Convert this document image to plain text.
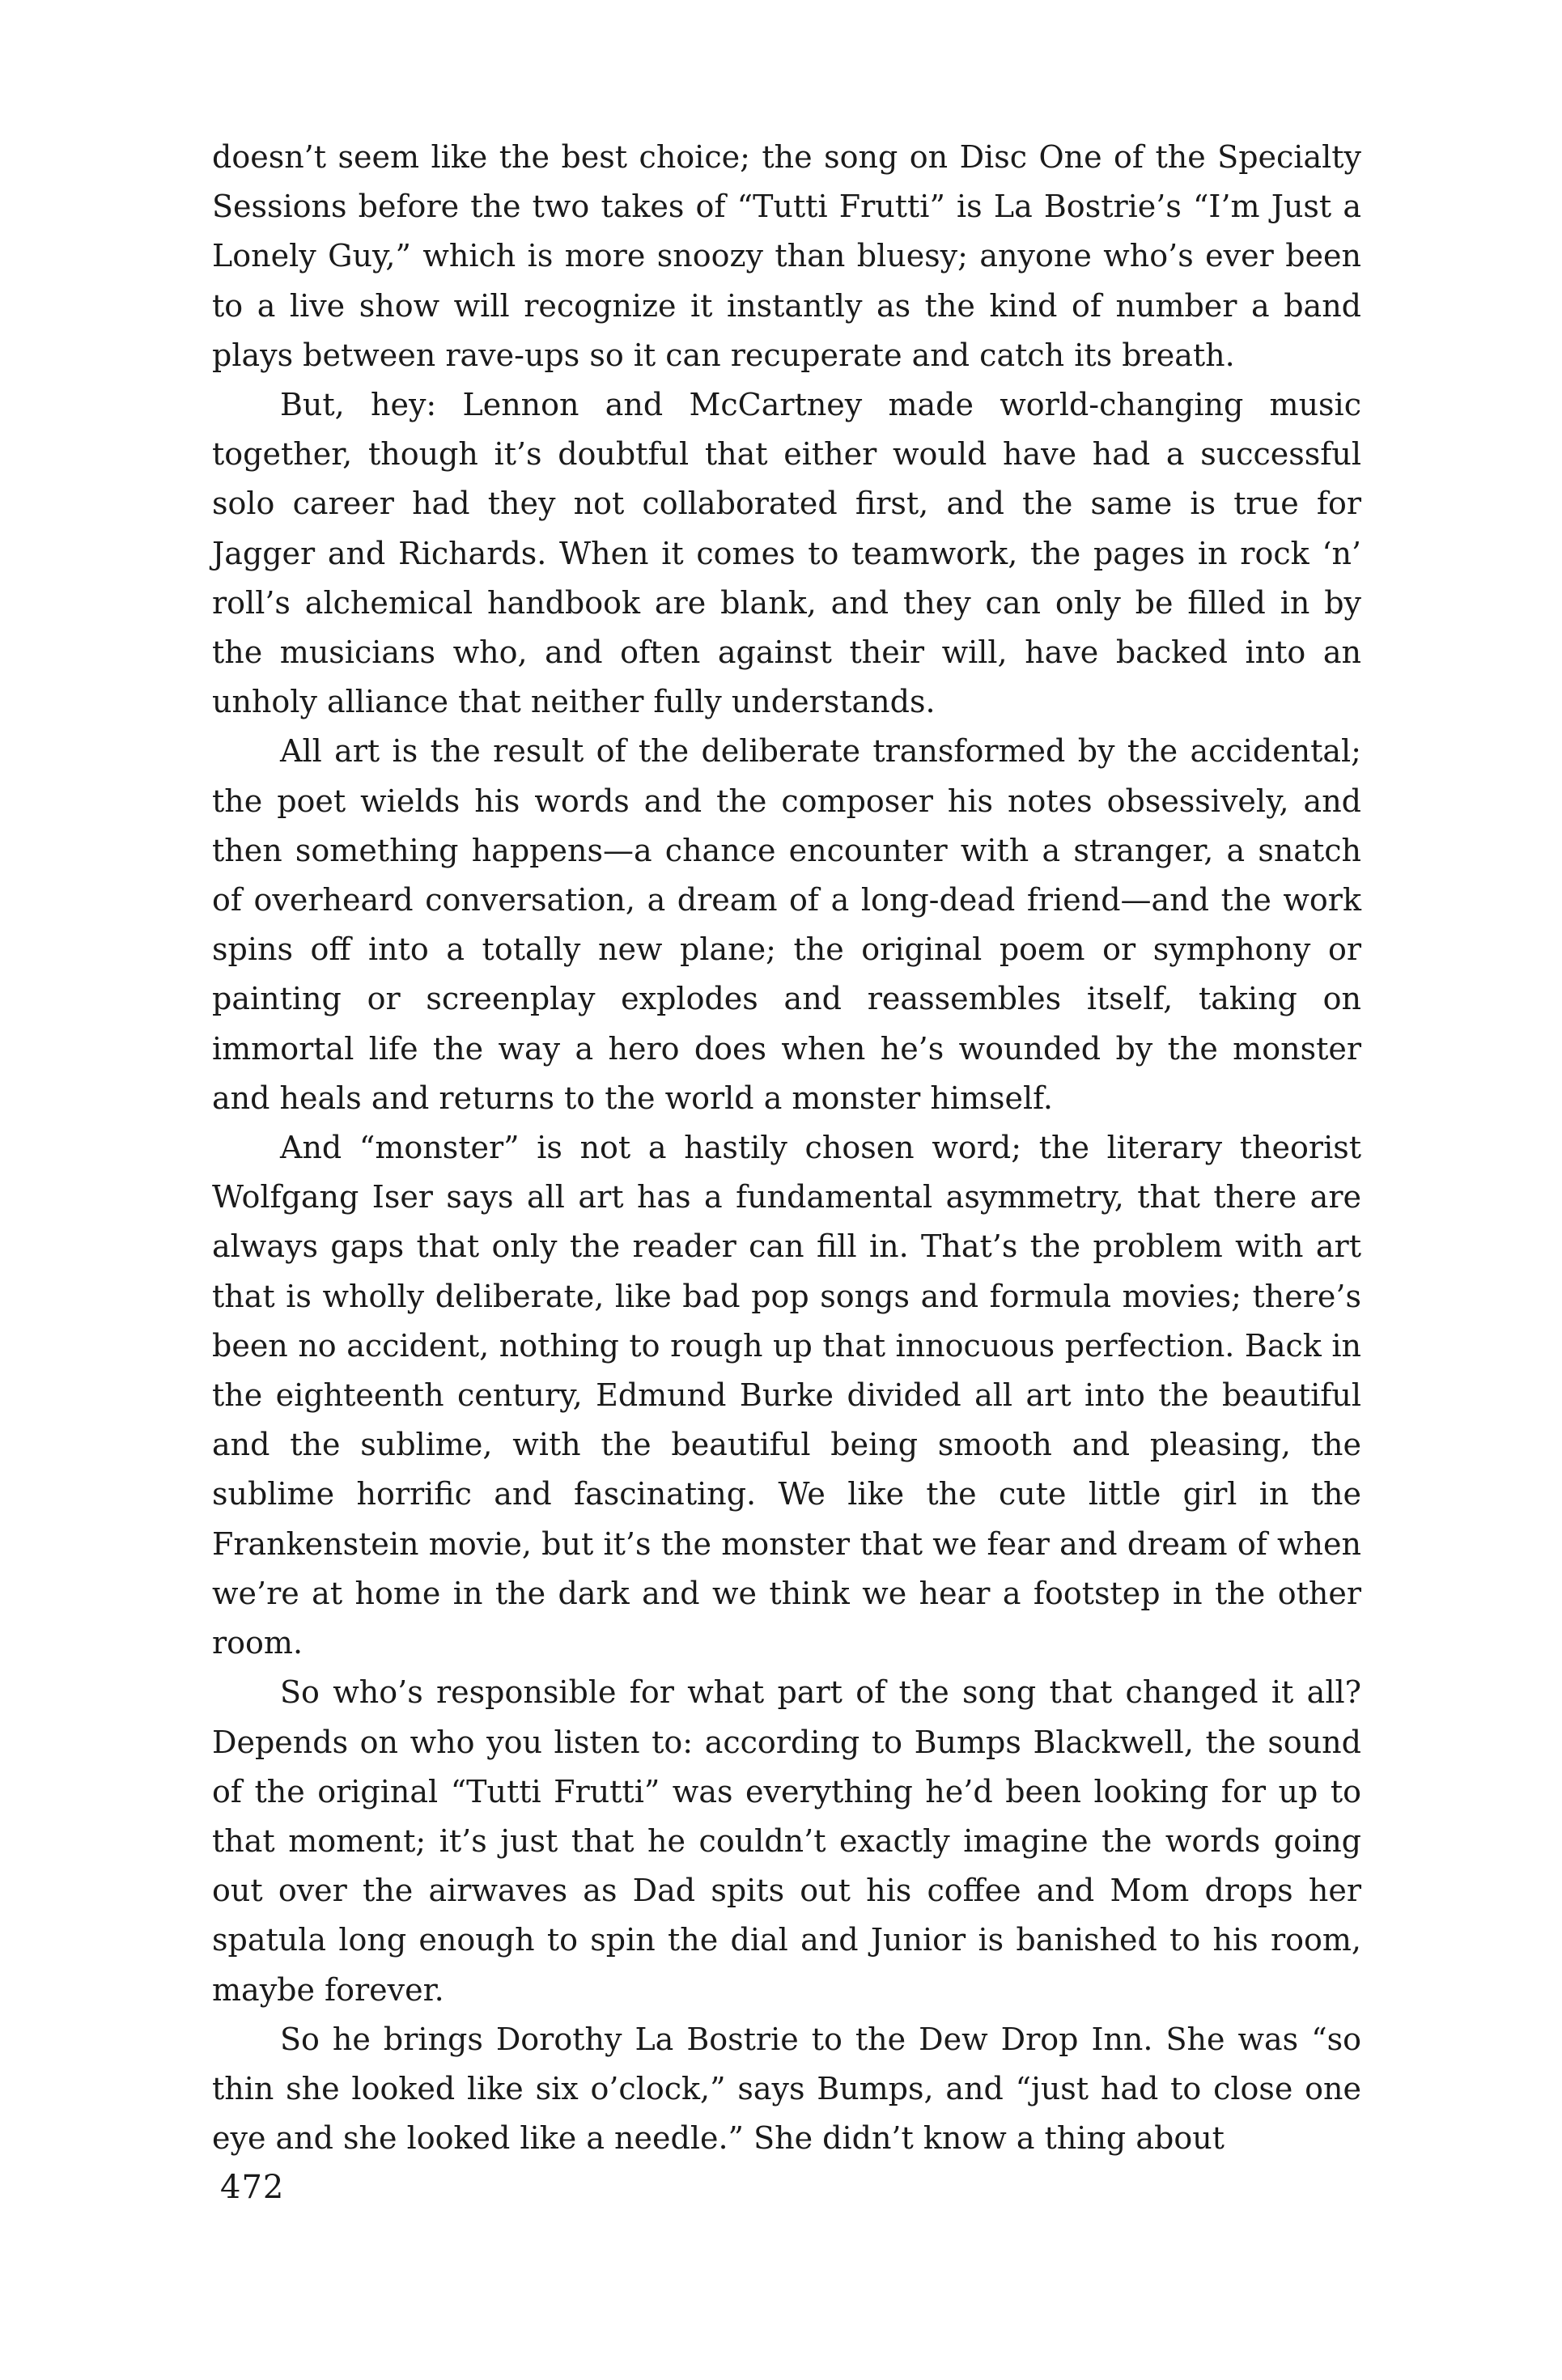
doesn’t seem like the best choice; the song on Disc One of the Specialty Sessions before the two takes of “Tutti Frutti” is La Bostrie’s “I’m Just a Lonely Guy,” which is more snoozy than bluesy; anyone who’s ever been to a live show will recognize it instantly as the kind of number a band plays between rave-ups so it can recuperate and catch its breath.

But, hey: Lennon and McCartney made world-changing music together, though it’s doubtful that either would have had a successful solo career had they not collaborated first, and the same is true for Jagger and Richards. When it comes to teamwork, the pages in rock ‘n’ roll’s alchemical handbook are blank, and they can only be filled in by the musicians who, and often against their will, have backed into an unholy alliance that neither fully understands.

All art is the result of the deliberate transformed by the accidental; the poet wields his words and the composer his notes obsessively, and then something happens—a chance encounter with a stranger, a snatch of overheard conversation, a dream of a long-dead friend—and the work spins off into a totally new plane; the original poem or symphony or painting or screenplay explodes and reassembles itself, taking on immortal life the way a hero does when he’s wounded by the monster and heals and returns to the world a monster himself.

And “monster” is not a hastily chosen word; the literary theorist Wolfgang Iser says all art has a fundamental asymmetry, that there are always gaps that only the reader can fill in. That’s the problem with art that is wholly deliberate, like bad pop songs and formula movies; there’s been no accident, nothing to rough up that innocuous perfection. Back in the eighteenth century, Edmund Burke divided all art into the beautiful and the sublime, with the beautiful being smooth and pleasing, the sublime horrific and fascinating. We like the cute little girl in the Frankenstein movie, but it’s the monster that we fear and dream of when we’re at home in the dark and we think we hear a footstep in the other room.

So who’s responsible for what part of the song that changed it all? Depends on who you listen to: according to Bumps Blackwell, the sound of the original “Tutti Frutti” was everything he’d been looking for up to that moment; it’s just that he couldn’t exactly imagine the words going out over the airwaves as Dad spits out his coffee and Mom drops her spatula long enough to spin the dial and Junior is banished to his room, maybe forever.

So he brings Dorothy La Bostrie to the Dew Drop Inn. She was “so thin she looked like six o’clock,” says Bumps, and “just had to close one eye and she looked like a needle.” She didn’t know a thing about

472
